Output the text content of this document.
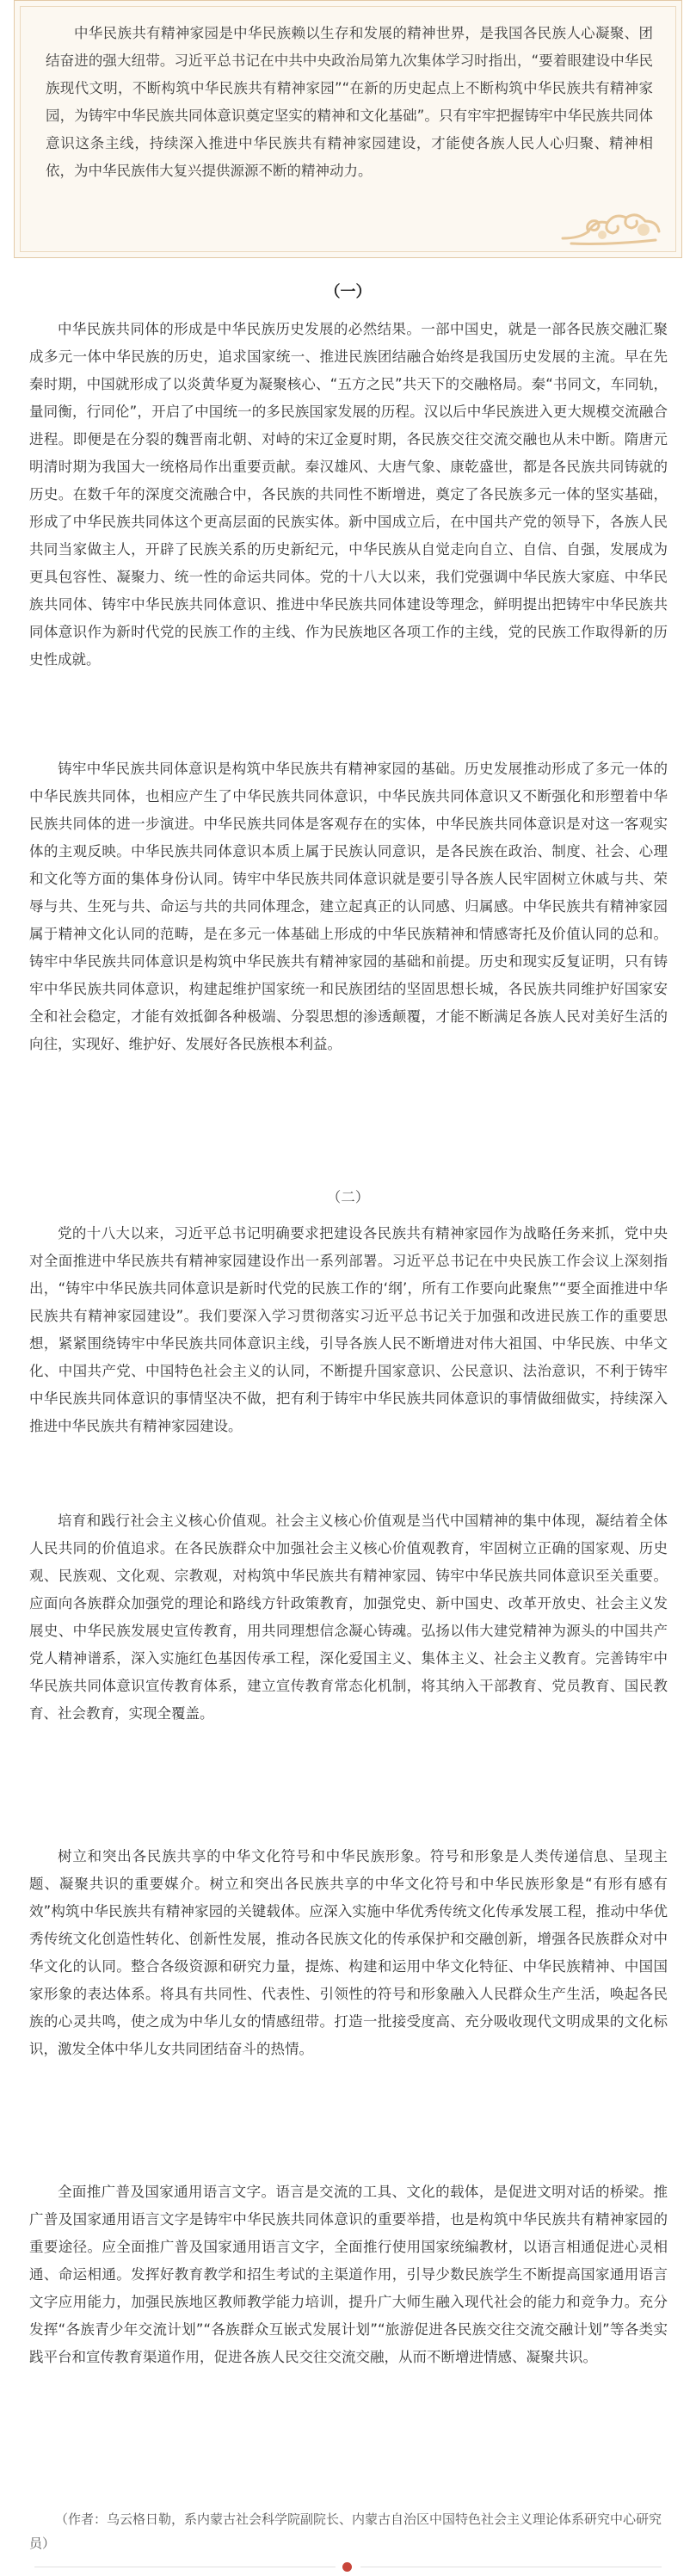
中华民族共有精神家园是中华民族赖以生存和发展的精神世界，是我国各民族人心凝聚、团结奋进的强大纽带。习近平总书记在中共中央政治局第九次集体学习时指出，“要着眼建设中华民族现代文明，不断构筑中华民族共有精神家园”“在新的历史起点上不断构筑中华民族共有精神家园，为铸牢中华民族共同体意识奠定坚实的精神和文化基础”。只有牢牢把握铸牢中华民族共同体意识这条主线，持续深入推进中华民族共有精神家园建设，才能使各族人民人心归聚、精神相依，为中华民族伟大复兴提供源源不断的精神动力。

（一）

中华民族共同体的形成是中华民族历史发展的必然结果。一部中国史，就是一部各民族交融汇聚成多元一体中华民族的历史，追求国家统一、推进民族团结融合始终是我国历史发展的主流。早在先秦时期，中国就形成了以炎黄华夏为凝聚核心、“五方之民”共天下的交融格局。秦“书同文，车同轨，量同衡，行同伦”，开启了中国统一的多民族国家发展的历程。汉以后中华民族进入更大规模交流融合进程。即便是在分裂的魏晋南北朝、对峙的宋辽金夏时期，各民族交往交流交融也从未中断。隋唐元明清时期为我国大一统格局作出重要贡献。秦汉雄风、大唐气象、康乾盛世，都是各民族共同铸就的历史。在数千年的深度交流融合中，各民族的共同性不断增进，奠定了各民族多元一体的坚实基础，形成了中华民族共同体这个更高层面的民族实体。新中国成立后，在中国共产党的领导下，各族人民共同当家做主人，开辟了民族关系的历史新纪元，中华民族从自觉走向自立、自信、自强，发展成为更具包容性、凝聚力、统一性的命运共同体。党的十八大以来，我们党强调中华民族大家庭、中华民族共同体、铸牢中华民族共同体意识、推进中华民族共同体建设等理念，鲜明提出把铸牢中华民族共同体意识作为新时代党的民族工作的主线、作为民族地区各项工作的主线，党的民族工作取得新的历史性成就。

铸牢中华民族共同体意识是构筑中华民族共有精神家园的基础。历史发展推动形成了多元一体的中华民族共同体，也相应产生了中华民族共同体意识，中华民族共同体意识又不断强化和形塑着中华民族共同体的进一步演进。中华民族共同体是客观存在的实体，中华民族共同体意识是对这一客观实体的主观反映。中华民族共同体意识本质上属于民族认同意识，是各民族在政治、制度、社会、心理和文化等方面的集体身份认同。铸牢中华民族共同体意识就是要引导各族人民牢固树立休戚与共、荣辱与共、生死与共、命运与共的共同体理念，建立起真正的认同感、归属感。中华民族共有精神家园属于精神文化认同的范畴，是在多元一体基础上形成的中华民族精神和情感寄托及价值认同的总和。铸牢中华民族共同体意识是构筑中华民族共有精神家园的基础和前提。历史和现实反复证明，只有铸牢中华民族共同体意识，构建起维护国家统一和民族团结的坚固思想长城，各民族共同维护好国家安全和社会稳定，才能有效抵御各种极端、分裂思想的渗透颠覆，才能不断满足各族人民对美好生活的向往，实现好、维护好、发展好各民族根本利益。

（二）

党的十八大以来，习近平总书记明确要求把建设各民族共有精神家园作为战略任务来抓，党中央对全面推进中华民族共有精神家园建设作出一系列部署。习近平总书记在中央民族工作会议上深刻指出，“铸牢中华民族共同体意识是新时代党的民族工作的‘纲’，所有工作要向此聚焦”“要全面推进中华民族共有精神家园建设”。我们要深入学习贯彻落实习近平总书记关于加强和改进民族工作的重要思想，紧紧围绕铸牢中华民族共同体意识主线，引导各族人民不断增进对伟大祖国、中华民族、中华文化、中国共产党、中国特色社会主义的认同，不断提升国家意识、公民意识、法治意识，不利于铸牢中华民族共同体意识的事情坚决不做，把有利于铸牢中华民族共同体意识的事情做细做实，持续深入推进中华民族共有精神家园建设。

培育和践行社会主义核心价值观。社会主义核心价值观是当代中国精神的集中体现，凝结着全体人民共同的价值追求。在各民族群众中加强社会主义核心价值观教育，牢固树立正确的国家观、历史观、民族观、文化观、宗教观，对构筑中华民族共有精神家园、铸牢中华民族共同体意识至关重要。应面向各族群众加强党的理论和路线方针政策教育，加强党史、新中国史、改革开放史、社会主义发展史、中华民族发展史宣传教育，用共同理想信念凝心铸魂。弘扬以伟大建党精神为源头的中国共产党人精神谱系，深入实施红色基因传承工程，深化爱国主义、集体主义、社会主义教育。完善铸牢中华民族共同体意识宣传教育体系，建立宣传教育常态化机制，将其纳入干部教育、党员教育、国民教育、社会教育，实现全覆盖。

树立和突出各民族共享的中华文化符号和中华民族形象。符号和形象是人类传递信息、呈现主题、凝聚共识的重要媒介。树立和突出各民族共享的中华文化符号和中华民族形象是“有形有感有效”构筑中华民族共有精神家园的关键载体。应深入实施中华优秀传统文化传承发展工程，推动中华优秀传统文化创造性转化、创新性发展，推动各民族文化的传承保护和交融创新，增强各民族群众对中华文化的认同。整合各级资源和研究力量，提炼、构建和运用中华文化特征、中华民族精神、中国国家形象的表达体系。将具有共同性、代表性、引领性的符号和形象融入人民群众生产生活，唤起各民族的心灵共鸣，使之成为中华儿女的情感纽带。打造一批接受度高、充分吸收现代文明成果的文化标识，激发全体中华儿女共同团结奋斗的热情。

全面推广普及国家通用语言文字。语言是交流的工具、文化的载体，是促进文明对话的桥梁。推广普及国家通用语言文字是铸牢中华民族共同体意识的重要举措，也是构筑中华民族共有精神家园的重要途径。应全面推广普及国家通用语言文字，全面推行使用国家统编教材，以语言相通促进心灵相通、命运相通。发挥好教育教学和招生考试的主渠道作用，引导少数民族学生不断提高国家通用语言文字应用能力，加强民族地区教师教学能力培训，提升广大师生融入现代社会的能力和竞争力。充分发挥“各族青少年交流计划”“各族群众互嵌式发展计划”“旅游促进各民族交往交流交融计划”等各类实践平台和宣传教育渠道作用，促进各族人民交往交流交融，从而不断增进情感、凝聚共识。

（作者：乌云格日勒，系内蒙古社会科学院副院长、内蒙古自治区中国特色社会主义理论体系研究中心研究员）
